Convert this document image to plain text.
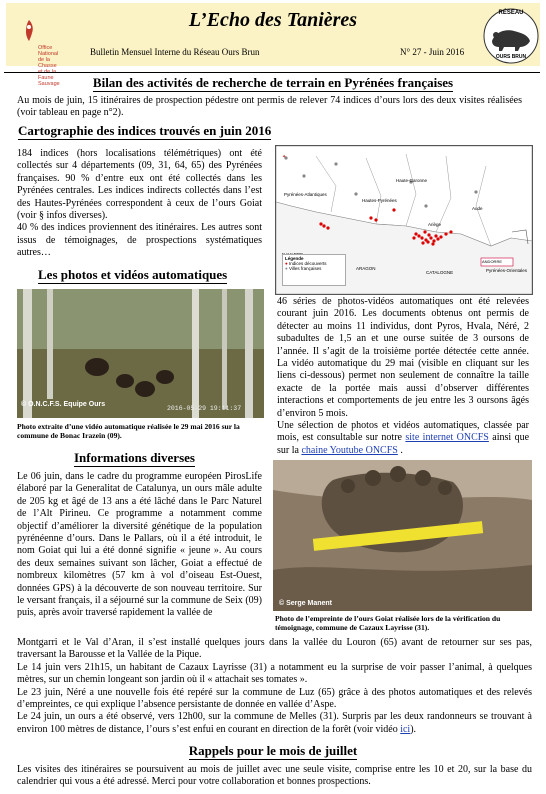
Office National
de la Chasse
Faune Sauvage
L’Echo des Tanières
Bulletin Mensuel Interne du Réseau Ours Brun	N° 27 - Juin 2016
RÉSEAU
OURS BRUN
Bilan des activités de recherche de terrain en Pyrénées françaises
Au mois de juin, 15 itinéraires de prospection pédestre ont permis de relever 74 indices d’ours lors des deux visites réalisées (voir tableau en page n°2).
Cartographie des indices trouvés en juin 2016
184 indices (hors localisations télémétriques) ont été collectés sur 4 départements (09, 31, 64, 65) des Pyrénées françaises. 90 % d’entre eux ont été collectés dans les Pyrénées centrales. Les indices indirects collectés dans l’est des Hautes-Pyrénées correspondent à ceux de l’ours Goiat (voir § infos diverses).
40 % des indices proviennent des itinéraires. Les autres sont issus de témoignages, de prospections systématiques autres…
✦
Pyrénées-Atlantiques
Hautes-Pyrénées
Haute-Garonne
Ariège
Aude
Pyrénées-Orientales
ARAGON
CATALOGNE
ANDORRE
Légende
● Indices découverts
● Villes françaises
Les photos et vidéos automatiques
© O.N.C.F.S. Equipe Ours
2016-05-29 19:11:37
Photo extraite d’une vidéo automatique réalisée le 29 mai 2016 sur la commune de Bonac Irazein (09).
46 séries de photos-vidéos automatiques ont été relevées courant juin 2016. Les documents obtenus ont permis de détecter au moins 11 individus, dont Pyros, Hvala, Néré, 2 subadultes de 1,5 an et une ourse suitée de 3 oursons de l’année. Il s’agit de la troisième portée détectée cette année. La vidéo automatique du 29 mai (visible en cliquant sur les liens ci-dessous) permet non seulement de connaître la taille exacte de la portée mais aussi d’observer différentes interactions et comportements de jeu entre les 3 oursons âgés d’environ 5 mois.
Une sélection de photos et vidéos automatiques, classée par mois, est consultable sur notre site internet ONCFS ainsi que sur la chaine Youtube ONCFS .
Informations diverses
Le 06 juin, dans le cadre du programme européen PirosLife élaboré par la Generalitat de Catalunya, un ours mâle adulte de 205 kg et âgé de 13 ans a été lâché dans le Parc Naturel de l’Alt Pirineu. Ce programme a notamment comme objectif d’améliorer la diversité génétique de la population pyrénéenne d’ours. Dans le Pallars, où il a été introduit, le nom Goiat qui lui a été donné signifie « jeune ». Au cours des deux semaines suivant son lâcher, Goiat a effectué de nombreux kilomètres (57 km à vol d’oiseau Est-Ouest, données GPS) à la découverte de son nouveau territoire. Sur le versant français, il a séjourné sur la commune de Seix (09) puis, après avoir traversé rapidement la vallée de
© Serge Manent
Photo de l’empreinte de l’ours Goiat réalisée lors de la vérification du témoignage, commune de Cazaux Layrisse (31).
Montgarri et le Val d’Aran, il s’est installé quelques jours dans la vallée du Louron (65) avant de retourner sur ses pas, traversant la Barousse et la Vallée de la Pique.
Le 14 juin vers 21h15, un habitant de Cazaux Layrisse (31) a notamment eu la surprise de voir passer l’animal, à quelques mètres, sur un chemin longeant son jardin où il « attachait ses tomates ».
Le 23 juin, Néré a une nouvelle fois été repéré sur la commune de Luz (65) grâce à des photos automatiques et des relevés d’empreintes, ce qui explique l’absence persistante de donnée en vallée d’Aspe.
Le 24 juin, un ours a été observé, vers 12h00, sur la commune de Melles (31). Surpris par les deux randonneurs se trouvant à environ 100 mètres de distance, l’ours s’est enfui en courant en direction de la forêt (voir vidéo ici).
Rappels pour le mois de juillet
Les visites des itinéraires se poursuivent au mois de juillet avec une seule visite, comprise entre les 10 et 20, sur la base du calendrier qui vous a été adressé. Merci pour votre collaboration et bonnes prospections.
